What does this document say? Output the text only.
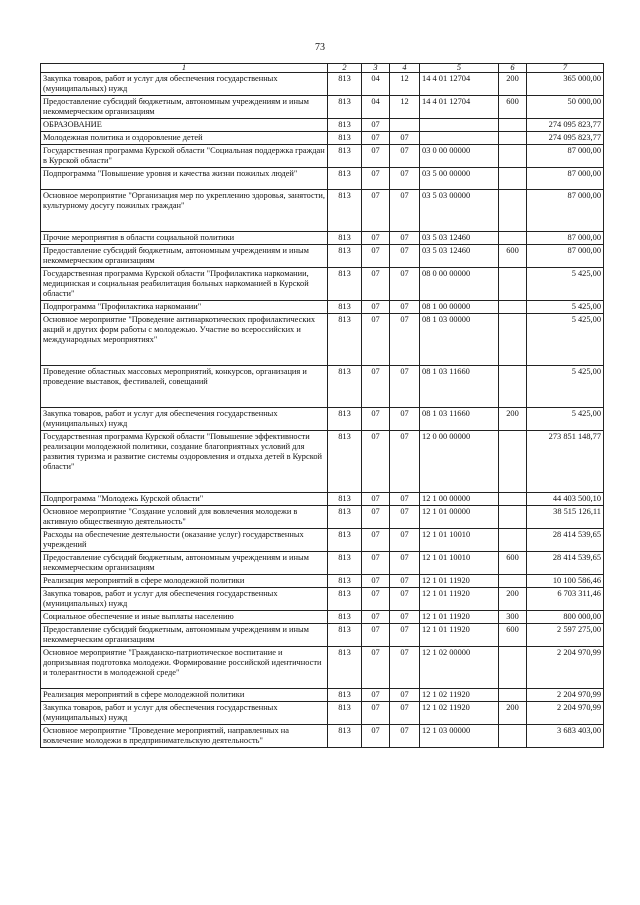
73
1	2	3	4	5	6	7
Закупка товаров, работ и услуг для обеспечения государственных (муниципальных) нужд	813	04	12	14 4 01 12704	200	365 000,00
Предоставление субсидий бюджетным, автономным учреждениям и иным некоммерческим организациям	813	04	12	14 4 01 12704	600	50 000,00
ОБРАЗОВАНИЕ	813	07				274 095 823,77
Молодежная политика и оздоровление детей	813	07	07			274 095 823,77
Государственная программа Курской области "Социальная поддержка граждан в Курской области"	813	07	07	03 0 00 00000		87 000,00
Подпрограмма "Повышение уровня и качества жизни пожилых людей"	813	07	07	03 5 00 00000		87 000,00
Основное мероприятие "Организация мер по укреплению здоровья, занятости, культурному досугу пожилых граждан"	813	07	07	03 5 03 00000		87 000,00
Прочие мероприятия в области социальной политики	813	07	07	03 5 03 12460		87 000,00
Предоставление субсидий бюджетным, автономным учреждениям и иным некоммерческим организациям	813	07	07	03 5 03 12460	600	87 000,00
Государственная программа Курской области "Профилактика наркомании, медицинская и социальная реабилитация больных наркоманией в Курской области"	813	07	07	08 0 00 00000		5 425,00
Подпрограмма "Профилактика наркомании"	813	07	07	08 1 00 00000		5 425,00
Основное мероприятие "Проведение антинаркотических профилактических акций и других форм работы с молодежью. Участие во всероссийских и международных мероприятиях"	813	07	07	08 1 03 00000		5 425,00
Проведение областных массовых мероприятий, конкурсов, организация и проведение выставок, фестивалей, совещаний	813	07	07	08 1 03 11660		5 425,00
Закупка товаров, работ и услуг для обеспечения государственных (муниципальных) нужд	813	07	07	08 1 03 11660	200	5 425,00
Государственная программа Курской области "Повышение эффективности реализации молодежной политики, создание благоприятных условий для развития туризма и развитие системы оздоровления и отдыха детей в Курской области"	813	07	07	12 0 00 00000		273 851 148,77
Подпрограмма "Молодежь Курской области"	813	07	07	12 1 00 00000		44 403 500,10
Основное мероприятие "Создание условий для вовлечения молодежи в активную общественную деятельность"	813	07	07	12 1 01 00000		38 515 126,11
Расходы на обеспечение деятельности (оказание услуг) государственных учреждений	813	07	07	12 1 01 10010		28 414 539,65
Предоставление субсидий бюджетным, автономным учреждениям и иным некоммерческим организациям	813	07	07	12 1 01 10010	600	28 414 539,65
Реализация мероприятий в сфере молодежной политики	813	07	07	12 1 01 11920		10 100 586,46
Закупка товаров, работ и услуг для обеспечения государственных (муниципальных) нужд	813	07	07	12 1 01 11920	200	6 703 311,46
Социальное обеспечение и иные выплаты населению	813	07	07	12 1 01 11920	300	800 000,00
Предоставление субсидий бюджетным, автономным учреждениям и иным некоммерческим организациям	813	07	07	12 1 01 11920	600	2 597 275,00
Основное мероприятие "Гражданско-патриотическое воспитание и допризывная подготовка молодежи. Формирование российской идентичности и толерантности в молодежной среде"	813	07	07	12 1 02 00000		2 204 970,99
Реализация мероприятий в сфере молодежной политики	813	07	07	12 1 02 11920		2 204 970,99
Закупка товаров, работ и услуг для обеспечения государственных (муниципальных) нужд	813	07	07	12 1 02 11920	200	2 204 970,99
Основное мероприятие "Проведение мероприятий, направленных на вовлечение молодежи в предпринимательскую деятельность"	813	07	07	12 1 03 00000		3 683 403,00
